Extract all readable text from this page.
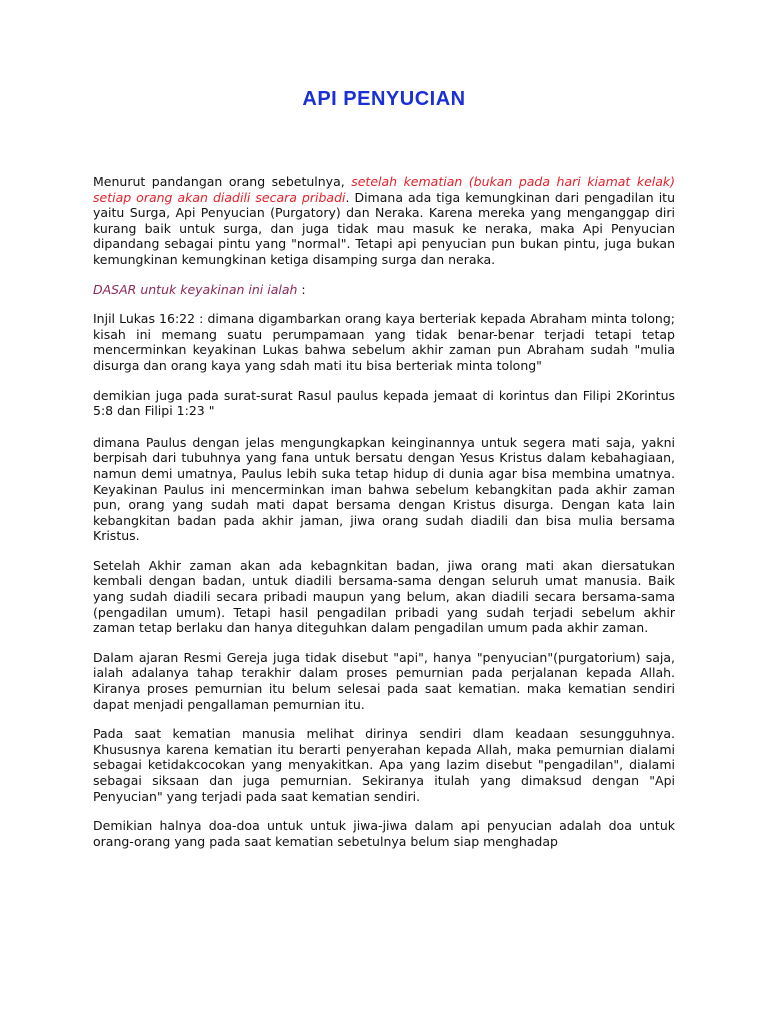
API PENYUCIAN

Menurut pandangan orang sebetulnya, setelah kematian (bukan pada hari kiamat kelak) setiap orang akan diadili secara pribadi. Dimana ada tiga kemungkinan dari pengadilan itu yaitu Surga, Api Penyucian (Purgatory) dan Neraka. Karena mereka yang menganggap diri kurang baik untuk surga, dan juga tidak mau masuk ke neraka, maka Api Penyucian dipandang sebagai pintu yang "normal". Tetapi api penyucian pun bukan pintu, juga bukan kemungkinan kemungkinan ketiga disamping surga dan neraka.

DASAR untuk keyakinan ini ialah :

Injil Lukas 16:22 : dimana digambarkan orang kaya berteriak kepada Abraham minta tolong; kisah ini memang suatu perumpamaan yang tidak benar-benar terjadi tetapi tetap mencerminkan keyakinan Lukas bahwa sebelum akhir zaman pun Abraham sudah "mulia disurga dan orang kaya yang sdah mati itu bisa berteriak minta tolong"

demikian juga pada surat-surat Rasul paulus kepada jemaat di korintus dan Filipi 2Korintus 5:8 dan Filipi 1:23 "

dimana Paulus dengan jelas mengungkapkan keinginannya untuk segera mati saja, yakni berpisah dari tubuhnya yang fana untuk bersatu dengan Yesus Kristus dalam kebahagiaan, namun demi umatnya, Paulus lebih suka tetap hidup di dunia agar bisa membina umatnya. Keyakinan Paulus ini mencerminkan iman bahwa sebelum kebangkitan pada akhir zaman pun, orang yang sudah mati dapat bersama dengan Kristus disurga. Dengan kata lain kebangkitan badan pada akhir jaman, jiwa orang sudah diadili dan bisa mulia bersama Kristus.

Setelah Akhir zaman akan ada kebagnkitan badan, jiwa orang mati akan diersatukan kembali dengan badan, untuk diadili bersama-sama dengan seluruh umat manusia. Baik yang sudah diadili secara pribadi maupun yang belum, akan diadili secara bersama-sama (pengadilan umum). Tetapi hasil pengadilan pribadi yang sudah terjadi sebelum akhir zaman tetap berlaku dan hanya diteguhkan dalam pengadilan umum pada akhir zaman.

Dalam ajaran Resmi Gereja juga tidak disebut "api", hanya "penyucian"(purgatorium) saja, ialah adalanya tahap terakhir dalam proses pemurnian pada perjalanan kepada Allah. Kiranya proses pemurnian itu belum selesai pada saat kematian. maka kematian sendiri dapat menjadi pengallaman pemurnian itu.

Pada saat kematian manusia melihat dirinya sendiri dlam keadaan sesungguhnya. Khususnya karena kematian itu berarti penyerahan kepada Allah, maka pemurnian dialami sebagai ketidakcocokan yang menyakitkan. Apa yang lazim disebut "pengadilan", dialami sebagai siksaan dan juga pemurnian. Sekiranya itulah yang dimaksud dengan "Api Penyucian" yang terjadi pada saat kematian sendiri.

Demikian halnya doa-doa untuk untuk jiwa-jiwa dalam api penyucian adalah doa untuk orang-orang yang pada saat kematian sebetulnya belum siap menghadap
